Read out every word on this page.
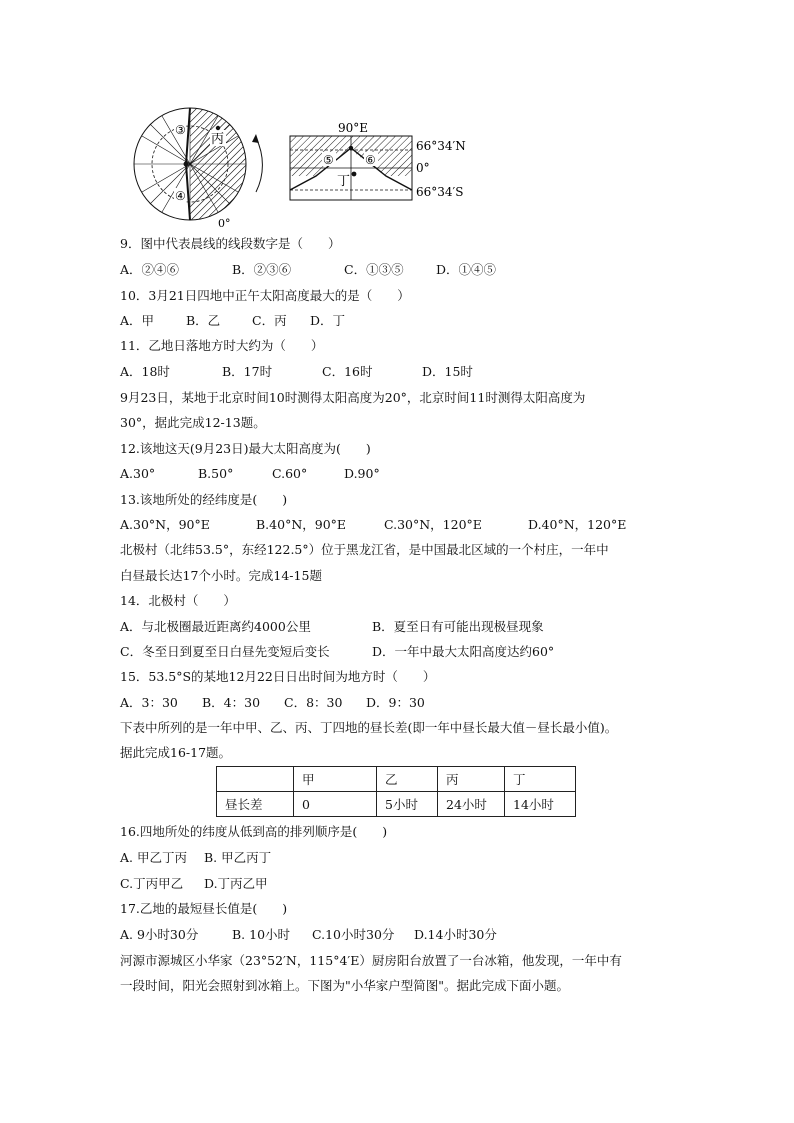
③
④
丙
0°
90°E
66°34′N
0°
66°34′S
⑤	⑥
丁
9．图中代表晨线的线段数字是（　　）
A．②④⑥	B．②③⑥	C．①③⑤	D．①④⑤
10．3月21日四地中正午太阳高度最大的是（　　）
A．甲	B．乙	C．丙 D．丁
11．乙地日落地方时大约为（　　）
A．18时	B．17时	C．16时	D．15时
9月23日，某地于北京时间10时测得太阳高度为20°，北京时间11时测得太阳高度为
30°，据此完成12-13题。
12.该地这天(9月23日)最大太阳高度为(　　)
A.30°	B.50°	C.60°	D.90°
13.该地所处的经纬度是(　　)
A.30°N，90°E	B.40°N，90°E	C.30°N，120°E	D.40°N，120°E
北极村（北纬53.5°，东经122.5°）位于黑龙江省，是中国最北区域的一个村庄，一年中
白昼最长达17个小时。完成14-15题
14．北极村（　　）
A．与北极圈最近距离约4000公里	B．夏至日有可能出现极昼现象
C．冬至日到夏至日白昼先变短后变长	D．一年中最大太阳高度达约60°
15．53.5°S的某地12月22日日出时间为地方时（　　）
A．3：30 B．4：30 C．8：30 D．9：30
下表中所列的是一年中甲、乙、丙、丁四地的昼长差(即一年中昼长最大值－昼长最小值)。
据此完成16-17题。
	甲	乙	丙	丁
昼长差	0	5小时	24小时	14小时
16.四地所处的纬度从低到高的排列顺序是(　　)
A. 甲乙丁丙 B. 甲乙丙丁
C.丁丙甲乙 D.丁丙乙甲
17.乙地的最短昼长值是(　　)
A. 9小时30分	B. 10小时 C.10小时30分 D.14小时30分
河源市源城区小华家（23°52′N，115°4′E）厨房阳台放置了一台冰箱，他发现，一年中有
一段时间，阳光会照射到冰箱上。下图为"小华家户型简图"。据此完成下面小题。
